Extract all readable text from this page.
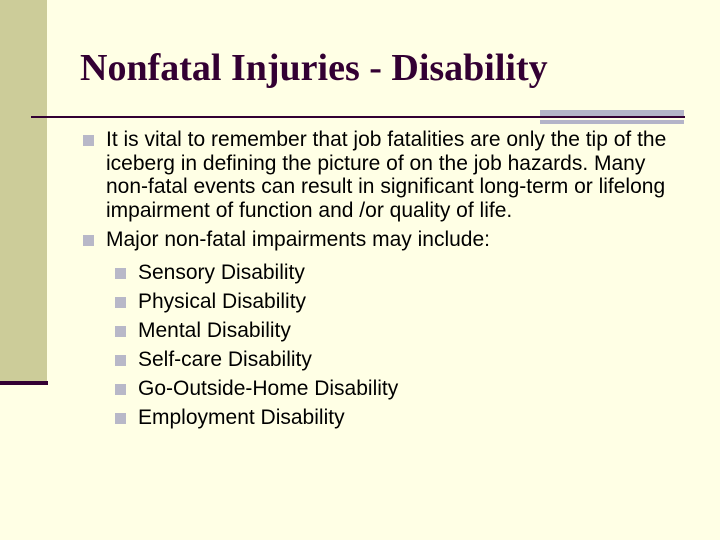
Nonfatal Injuries - Disability
It is vital to remember that job fatalities are only the tip of the iceberg in defining the picture of on the job hazards. Many non-fatal events can result in significant long-term or lifelong impairment of function and /or quality of life.
Major non-fatal impairments may include:
Sensory Disability
Physical Disability
Mental Disability
Self-care Disability
Go-Outside-Home Disability
Employment Disability
